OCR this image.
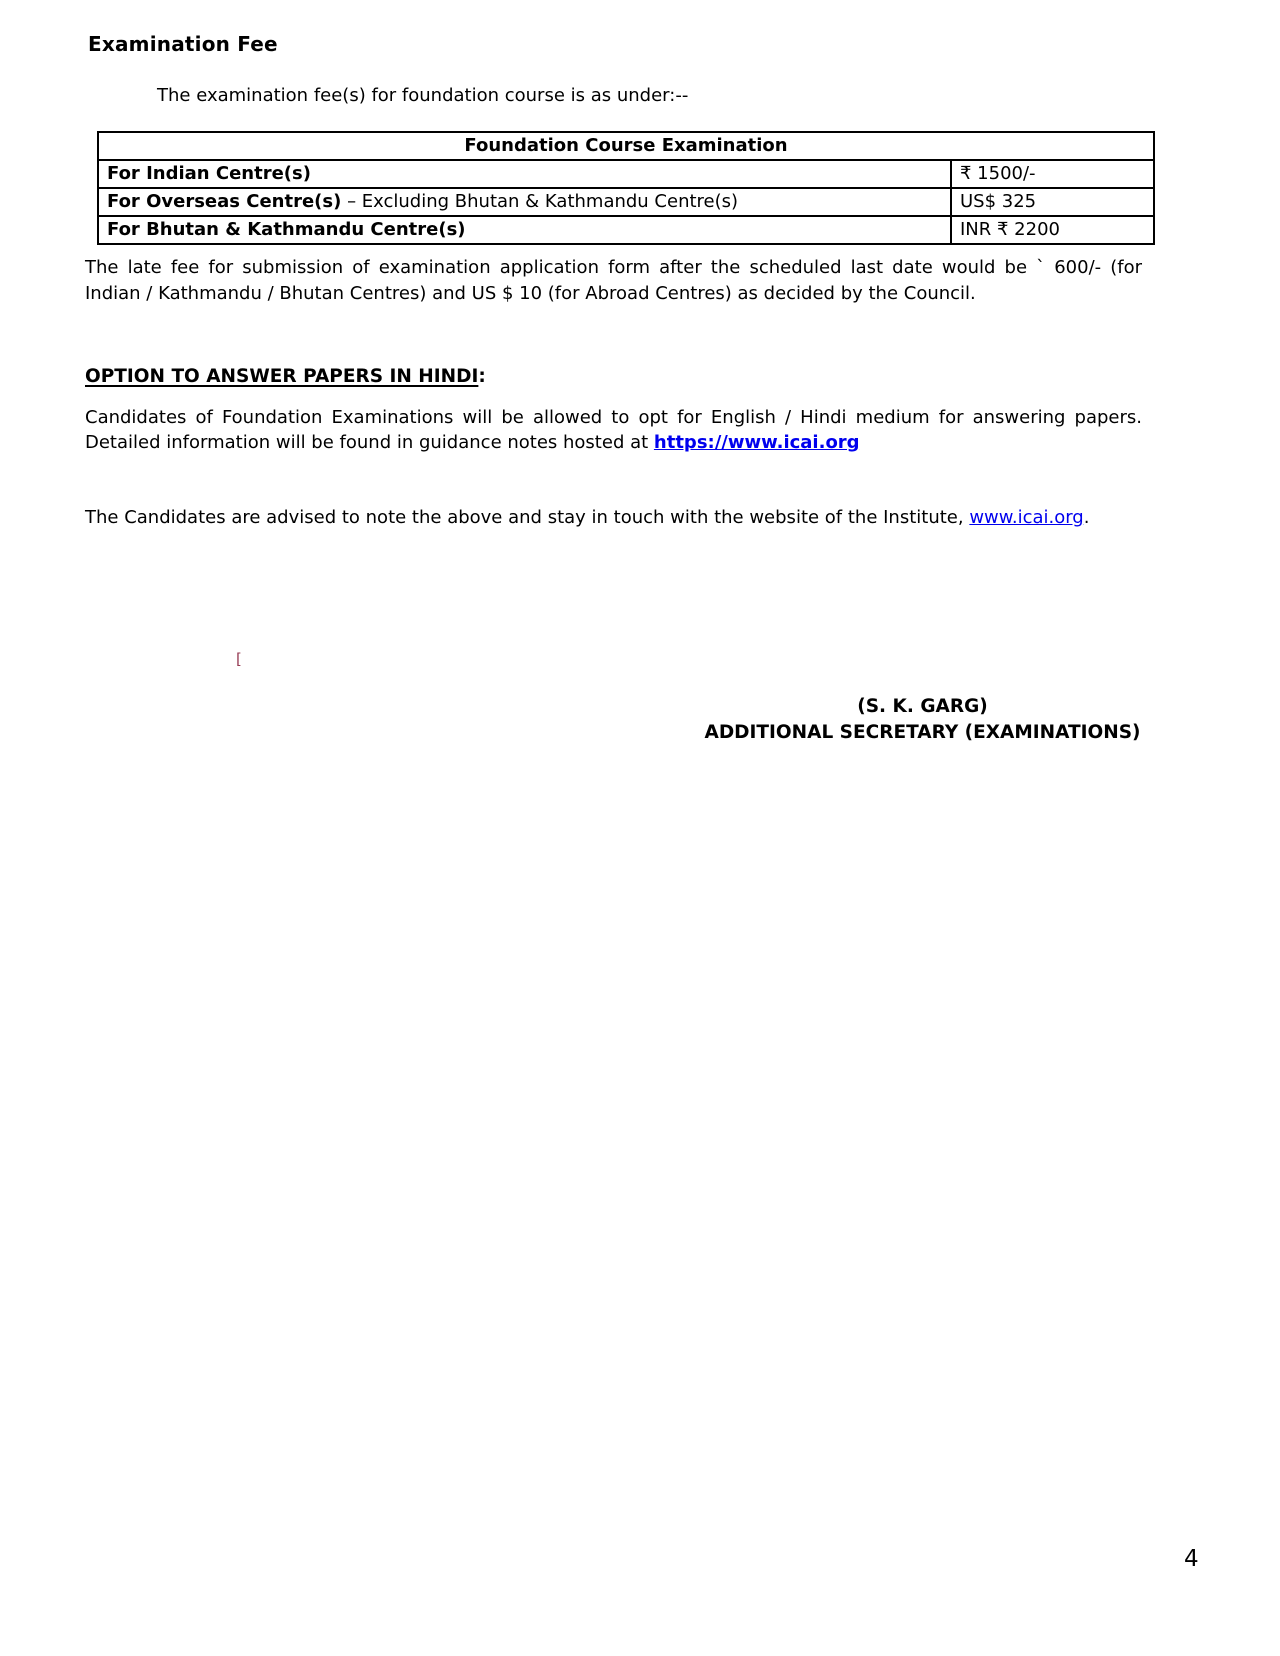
Examination Fee
The examination fee(s) for foundation course is as under:--
Foundation Course Examination	
For Indian Centre(s)	₹ 1500/-
For Overseas Centre(s) – Excluding Bhutan & Kathmandu Centre(s)	US$ 325
For Bhutan & Kathmandu Centre(s)	INR ₹ 2200
The late fee for submission of examination application form after the scheduled last date would be ` 600/- (for Indian / Kathmandu / Bhutan Centres) and US $ 10 (for Abroad Centres) as decided by the Council.
OPTION TO ANSWER PAPERS IN HINDI:
Candidates of Foundation Examinations will be allowed to opt for English / Hindi medium for answering papers. Detailed information will be found in guidance notes hosted at https://www.icai.org
The Candidates are advised to note the above and stay in touch with the website of the Institute, www.icai.org.
[
(S. K. GARG)
ADDITIONAL SECRETARY (EXAMINATIONS)
4
